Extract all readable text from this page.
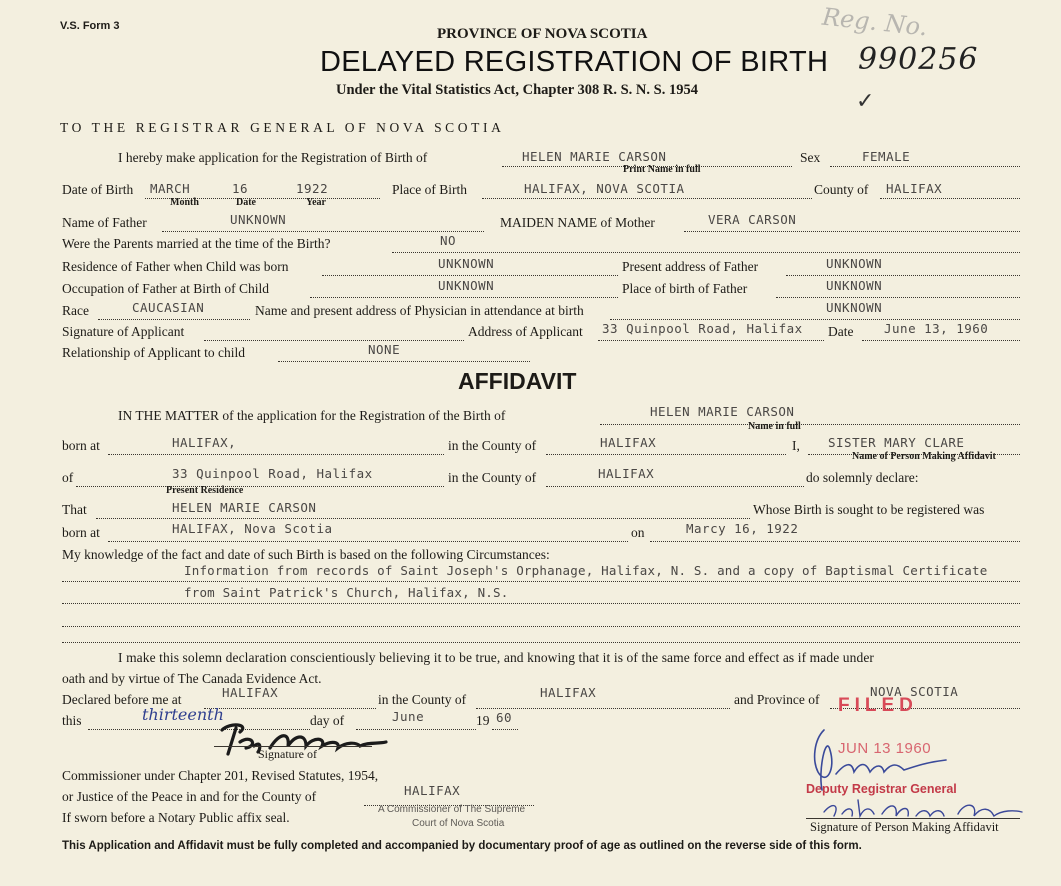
V.S. Form 3	PROVINCE OF NOVA SCOTIA
DELAYED REGISTRATION OF BIRTH
Under the Vital Statistics Act, Chapter 308 R. S. N. S. 1954
Reg. No.
990256
✓
TO THE REGISTRAR GENERAL OF NOVA SCOTIA
I hereby make application for the Registration of Birth of	HELEN MARIE CARSON
Print Name in full
Sex	FEMALE
Date of Birth MARCH	16	1922
Month	Date	Year
Place of Birth	HALIFAX, NOVA SCOTIA	County of HALIFAX
Name of Father	UNKNOWN	MAIDEN NAME of Mother	VERA CARSON
Were the Parents married at the time of the Birth?	NO
Residence of Father when Child was born	UNKNOWN	Present address of Father	UNKNOWN
Occupation of Father at Birth of Child	UNKNOWN	Place of birth of Father	UNKNOWN
Race	CAUCASIAN	Name and present address of Physician in attendance at birth	UNKNOWN
Signature of Applicant	Address of Applicant 33 Quinpool Road, Halifax Date June 13, 1960
Relationship of Applicant to child	NONE
AFFIDAVIT
IN THE MATTER of the application for the Registration of the Birth of	HELEN MARIE CARSON
Name in full
born at	HALIFAX,	in the County of	HALIFAX	I, SISTER MARY CLARE
Name of Person Making Affidavit
of	33 Quinpool Road, Halifax
Present Residence
in the County of	HALIFAX	do solemnly declare:
That	HELEN MARIE CARSON	Whose Birth is sought to be registered was
born at	HALIFAX, Nova Scotia	on	Marcy 16, 1922
My knowledge of the fact and date of such Birth is based on the following Circumstances:
Information from records of Saint Joseph's Orphanage, Halifax, N. S. and a copy of Baptismal Certificate
from Saint Patrick's Church, Halifax, N.S.
I make this solemn declaration conscientiously believing it to be true, and knowing that it is of the same force and effect as if made under
oath and by virtue of The Canada Evidence Act.
Declared before me at	HALIFAX	in the County of	HALIFAX	and Province of
NOVA SCOTIA
this	thirteenth	day of	June	19 60
Signature of
Commissioner under Chapter 201, Revised Statutes, 1954,
or Justice of the Peace in and for the County of	HALIFAX
If sworn before a Notary Public affix seal.
A Commissioner of The Supreme
Court of Nova Scotia
FILED
JUN 13 1960
Deputy Registrar General
Signature of Person Making Affidavit
This Application and Affidavit must be fully completed and accompanied by documentary proof of age as outlined on the reverse side of this form.
